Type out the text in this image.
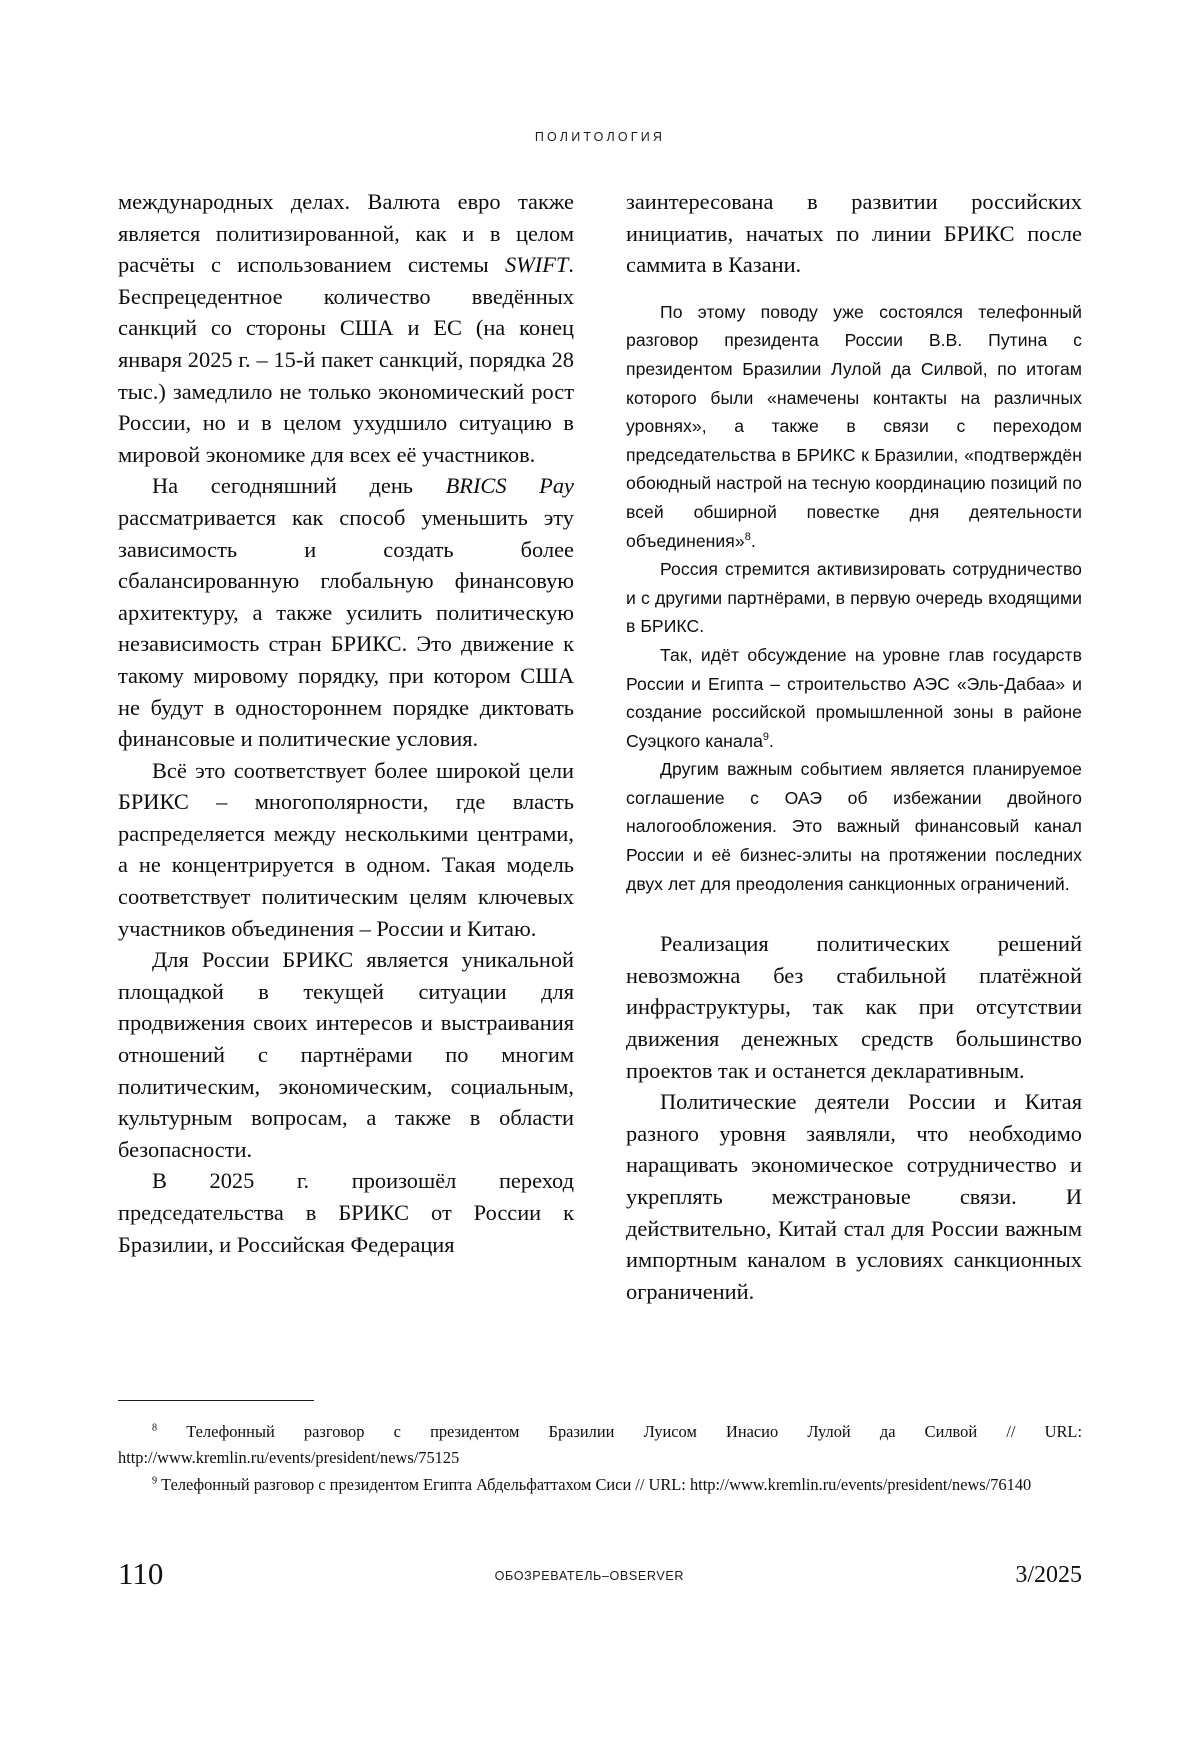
ПОЛИТОЛОГИЯ

международных делах. Валюта евро также является политизированной, как и в целом расчёты с использованием системы SWIFT. Беспрецедентное количество введённых санкций со стороны США и ЕС (на конец января 2025 г. – 15-й пакет санкций, порядка 28 тыс.) замедлило не только экономический рост России, но и в целом ухудшило ситуацию в мировой экономике для всех её участников.

На сегодняшний день BRICS Pay рассматривается как способ уменьшить эту зависимость и создать более сбалансированную глобальную финансовую архитектуру, а также усилить политическую независимость стран БРИКС. Это движение к такому мировому порядку, при котором США не будут в одностороннем порядке диктовать финансовые и политические условия.

Всё это соответствует более широкой цели БРИКС – многополярности, где власть распределяется между несколькими центрами, а не концентрируется в одном. Такая модель соответствует политическим целям ключевых участников объединения – России и Китаю.

Для России БРИКС является уникальной площадкой в текущей ситуации для продвижения своих интересов и выстраивания отношений с партнёрами по многим политическим, экономическим, социальным, культурным вопросам, а также в области безопасности.

В 2025 г. произошёл переход председательства в БРИКС от России к Бразилии, и Российская Федерация

заинтересована в развитии российских инициатив, начатых по линии БРИКС после саммита в Казани.

По этому поводу уже состоялся телефонный разговор президента России В.В. Путина с президентом Бразилии Лулой да Силвой, по итогам которого были «намечены контакты на различных уровнях», а также в связи с переходом председательства в БРИКС к Бразилии, «подтверждён обоюдный настрой на тесную координацию позиций по всей обширной повестке дня деятельности объединения»$^8$.

Россия стремится активизировать сотрудничество и с другими партнёрами, в первую очередь входящими в БРИКС.

Так, идёт обсуждение на уровне глав государств России и Египта – строительство АЭС «Эль-Дабаа» и создание российской промышленной зоны в районе Суэцкого канала$^9$.

Другим важным событием является планируемое соглашение с ОАЭ об избежании двойного налогообложения. Это важный финансовый канал России и её бизнес-элиты на протяжении последних двух лет для преодоления санкционных ограничений.

Реализация политических решений невозможна без стабильной платёжной инфраструктуры, так как при отсутствии движения денежных средств большинство проектов так и останется декларативным.

Политические деятели России и Китая разного уровня заявляли, что необходимо наращивать экономическое сотрудничество и укреплять межстрановые связи. И действительно, Китай стал для России важным импортным каналом в условиях санкционных ограничений.

$^8$ Телефонный разговор с президентом Бразилии Луисом Инасио Лулой да Силвой // URL: http://www.kremlin.ru/events/president/news/75125

$^9$ Телефонный разговор с президентом Египта Абдельфаттахом Сиси // URL: http://www.kremlin.ru/events/president/news/76140

110	ОБОЗРЕВАТЕЛЬ–OBSERVER	3/2025
